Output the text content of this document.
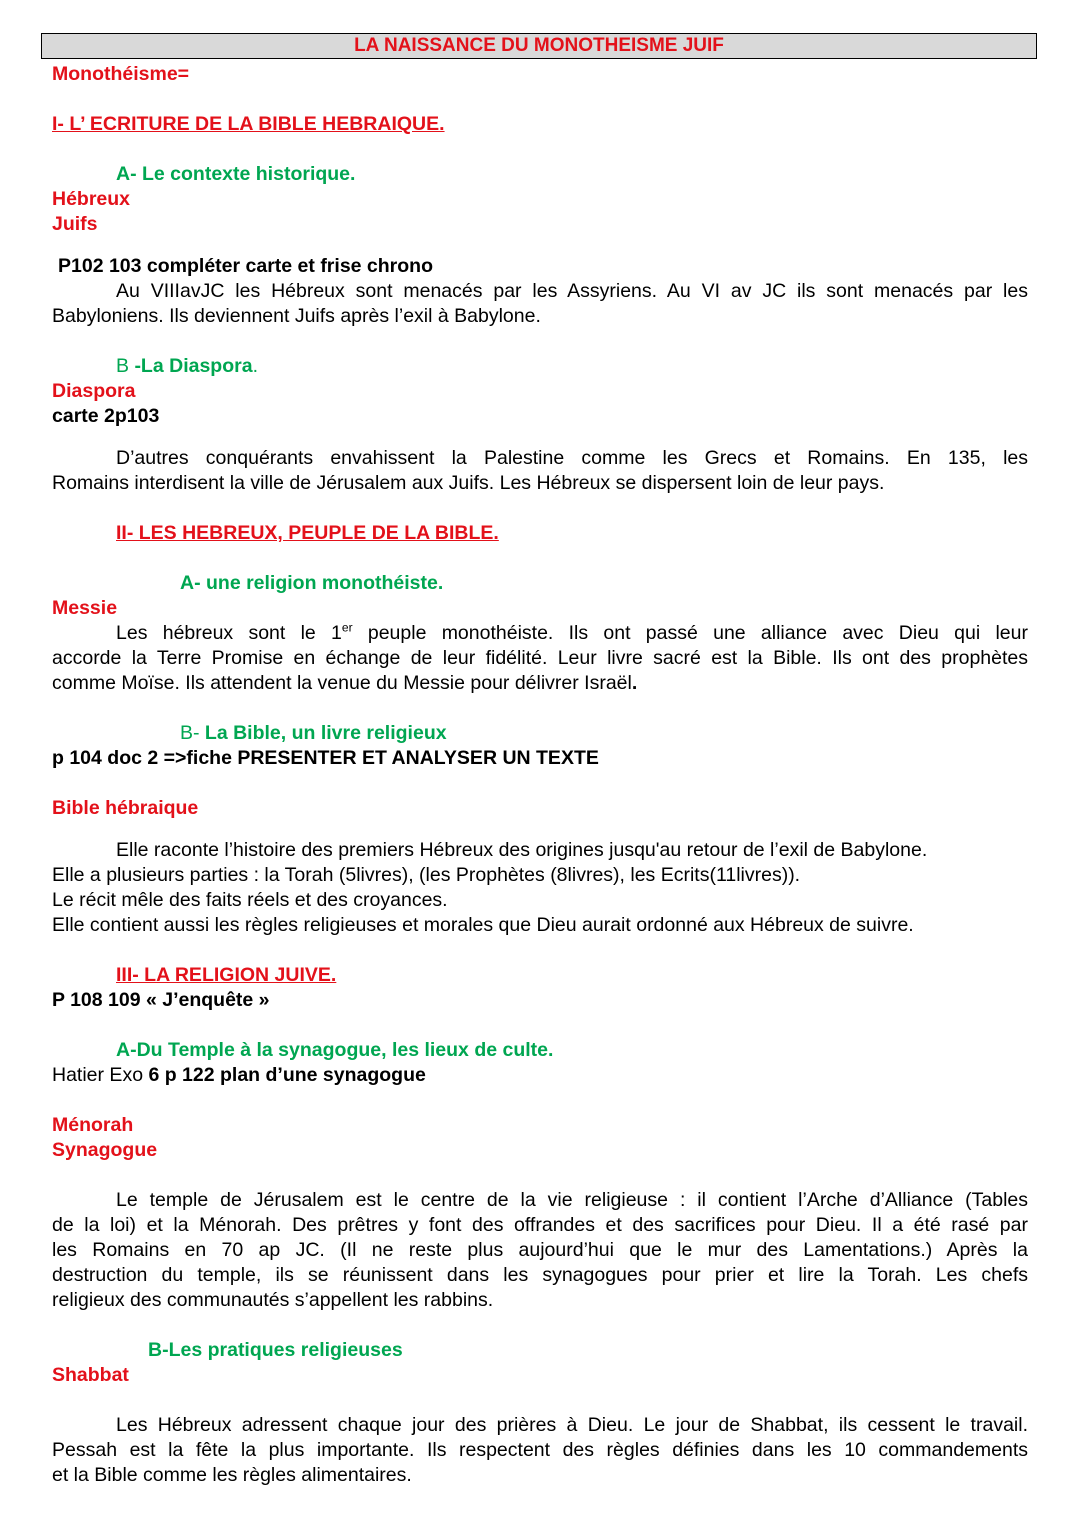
LA NAISSANCE DU MONOTHEISME JUIF
Monothéisme=
I- L’ ECRITURE DE LA BIBLE HEBRAIQUE.
A- Le contexte historique.
Hébreux
Juifs
P102 103 compléter carte et frise chrono
Au VIIIavJC les Hébreux sont menacés par les Assyriens. Au VI av JC ils sont menacés par les
Babyloniens. Ils deviennent Juifs après l’exil à Babylone.
B -La Diaspora.
Diaspora
carte 2p103
D’autres conquérants envahissent la Palestine comme les Grecs et Romains. En 135, les
Romains interdisent la ville de Jérusalem aux Juifs. Les Hébreux se dispersent loin de leur pays.
II- LES HEBREUX, PEUPLE DE LA BIBLE.
A- une religion monothéiste.
Messie
Les hébreux sont le 1er peuple monothéiste. Ils ont passé une alliance avec Dieu qui leur
accorde la Terre Promise en échange de leur fidélité. Leur livre sacré est la Bible. Ils ont des prophètes
comme Moïse. Ils attendent la venue du Messie pour délivrer Israël.
B- La Bible, un livre religieux
p 104 doc 2 =>fiche PRESENTER ET ANALYSER UN TEXTE
Bible hébraique
Elle raconte l’histoire des premiers Hébreux des origines jusqu'au retour de l’exil de Babylone.
Elle a plusieurs parties : la Torah (5livres), (les Prophètes (8livres), les Ecrits(11livres)).
Le récit mêle des faits réels et des croyances.
Elle contient aussi les règles religieuses et morales que Dieu aurait ordonné aux Hébreux de suivre.
III- LA RELIGION JUIVE.
P 108 109 « J’enquête »
A-Du Temple à la synagogue, les lieux de culte.
Hatier Exo 6 p 122 plan d’une synagogue
Ménorah
Synagogue
Le temple de Jérusalem est le centre de la vie religieuse : il contient l’Arche d’Alliance (Tables
de la loi) et la Ménorah. Des prêtres y font des offrandes et des sacrifices pour Dieu. Il a été rasé par
les Romains en 70 ap JC. (Il ne reste plus aujourd’hui que le mur des Lamentations.) Après la
destruction du temple, ils se réunissent dans les synagogues pour prier et lire la Torah. Les chefs
religieux des communautés s’appellent les rabbins.
B-Les pratiques religieuses
Shabbat
Les Hébreux adressent chaque jour des prières à Dieu. Le jour de Shabbat, ils cessent le travail.
Pessah est la fête la plus importante. Ils respectent des règles définies dans les 10 commandements
et la Bible comme les règles alimentaires.
